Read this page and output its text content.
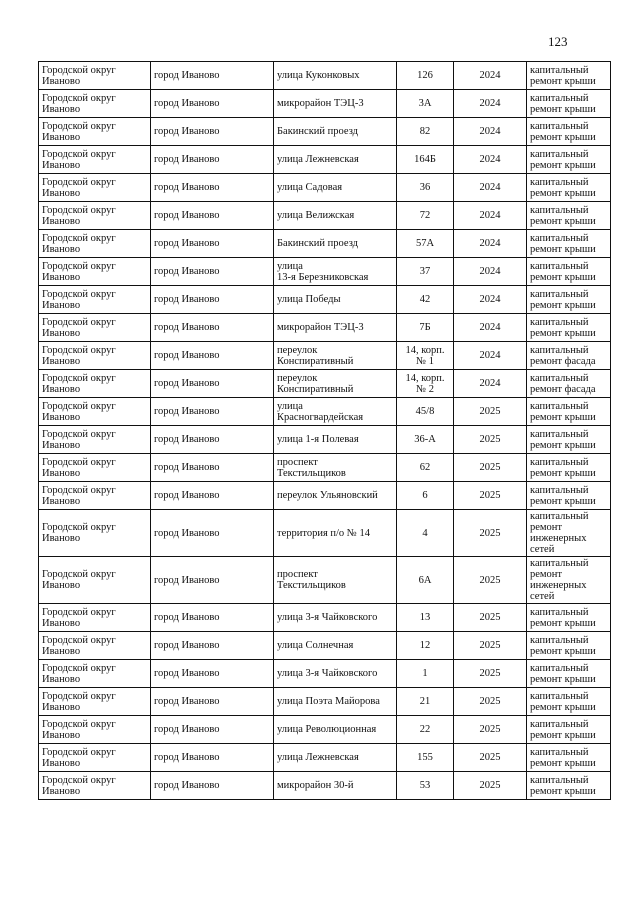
123
Городской округ
Иваново	город Иваново	улица Куконковых	126	2024	капитальный
ремонт крыши

Городской округ
Иваново	город Иваново	микрорайон ТЭЦ-3	3А	2024	капитальный
ремонт крыши

Городской округ
Иваново	город Иваново	Бакинский проезд	82	2024	капитальный
ремонт крыши

Городской округ
Иваново	город Иваново	улица Лежневская	164Б	2024	капитальный
ремонт крыши

Городской округ
Иваново	город Иваново	улица Садовая	36	2024	капитальный
ремонт крыши

Городской округ
Иваново	город Иваново	улица Велижская	72	2024	капитальный
ремонт крыши

Городской округ
Иваново	город Иваново	Бакинский проезд	57А	2024	капитальный
ремонт крыши

Городской округ
Иваново	город Иваново	улица
13-я Березниковская	37	2024	капитальный
ремонт крыши

Городской округ
Иваново	город Иваново	улица Победы	42	2024	капитальный
ремонт крыши

Городской округ
Иваново	город Иваново	микрорайон ТЭЦ-3	7Б	2024	капитальный
ремонт крыши

Городской округ
Иваново	город Иваново	переулок
Конспиративный	14, корп.
№ 1	2024	капитальный
ремонт фасада

Городской округ
Иваново	город Иваново	переулок
Конспиративный	14, корп.
№ 2	2024	капитальный
ремонт фасада

Городской округ
Иваново	город Иваново	улица
Красногвардейская	45/8	2025	капитальный
ремонт крыши

Городской округ
Иваново	город Иваново	улица 1-я Полевая	36-А	2025	капитальный
ремонт крыши

Городской округ
Иваново	город Иваново	проспект
Текстильщиков	62	2025	капитальный
ремонт крыши

Городской округ
Иваново	город Иваново	переулок Ульяновский	6	2025	капитальный
ремонт крыши

Городской округ
Иваново	город Иваново	территория п/о № 14	4	2025	капитальный
ремонт
инженерных
сетей

Городской округ
Иваново	город Иваново	проспект
Текстильщиков	6А	2025	капитальный
ремонт
инженерных
сетей

Городской округ
Иваново	город Иваново	улица 3-я Чайковского	13	2025	капитальный
ремонт крыши

Городской округ
Иваново	город Иваново	улица Солнечная	12	2025	капитальный
ремонт крыши

Городской округ
Иваново	город Иваново	улица 3-я Чайковского	1	2025	капитальный
ремонт крыши

Городской округ
Иваново	город Иваново	улица Поэта Майорова	21	2025	капитальный
ремонт крыши

Городской округ
Иваново	город Иваново	улица Революционная	22	2025	капитальный
ремонт крыши

Городской округ
Иваново	город Иваново	улица Лежневская	155	2025	капитальный
ремонт крыши

Городской округ
Иваново	город Иваново	микрорайон 30-й	53	2025	капитальный
ремонт крыши
